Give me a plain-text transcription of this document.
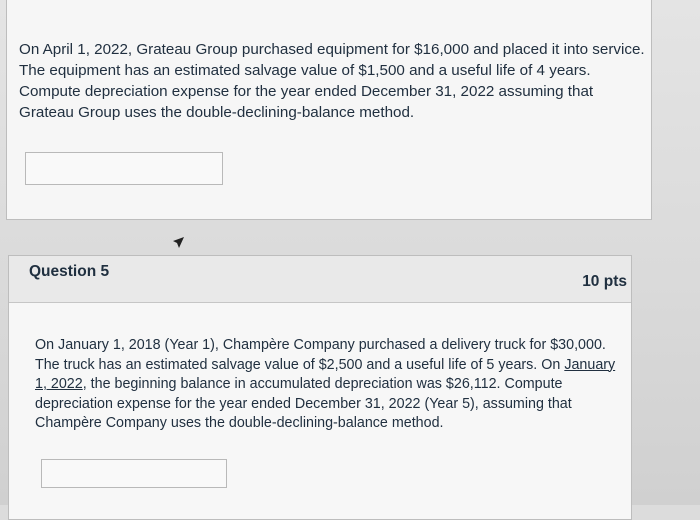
On April 1, 2022, Grateau Group purchased equipment for $16,000 and placed it into service. The equipment has an estimated salvage value of $1,500 and a useful life of 4 years. Compute depreciation expense for the year ended December 31, 2022 assuming that Grateau Group uses the double-declining-balance method.
Question 5
10 pts
On January 1, 2018 (Year 1), Champère Company purchased a delivery truck for $30,000. The truck has an estimated salvage value of $2,500 and a useful life of 5 years. On January 1, 2022, the beginning balance in accumulated depreciation was $26,112. Compute depreciation expense for the year ended December 31, 2022 (Year 5), assuming that Champère Company uses the double-declining-balance method.
